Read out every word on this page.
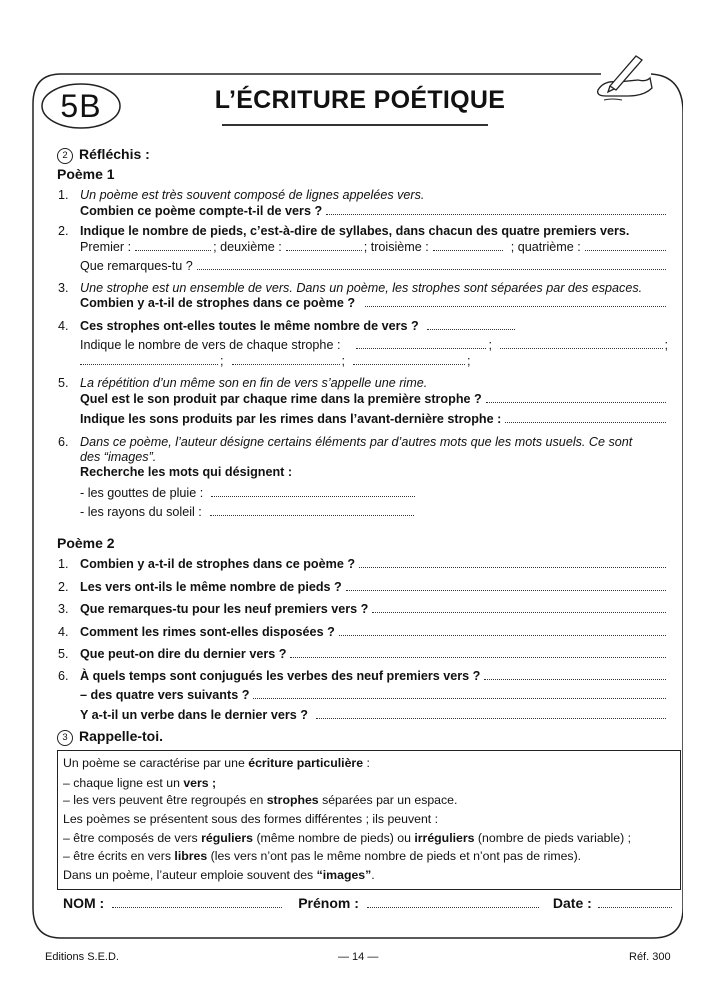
5B	L’ÉCRITURE POÉTIQUE
2 Réfléchis :
Poème 1
1. Un poème est très souvent composé de lignes appelées vers.
Combien ce poème compte-t-il de vers ?
2. Indique le nombre de pieds, c’est-à-dire de syllabes, dans chacun des quatre premiers vers.
Premier :	; deuxième :	; troisième :	; quatrième :
Que remarques-tu ?
3. Une strophe est un ensemble de vers. Dans un poème, les strophes sont séparées par des espaces.
Combien y a-t-il de strophes dans ce poème ?
4. Ces strophes ont-elles toutes le même nombre de vers ?
Indique le nombre de vers de chaque strophe :	;	;
;	;	;
5. La répétition d’un même son en fin de vers s’appelle une rime.
Quel est le son produit par chaque rime dans la première strophe ?
Indique les sons produits par les rimes dans l’avant-dernière strophe :
6. Dans ce poème, l’auteur désigne certains éléments par d’autres mots que les mots usuels. Ce sont
des “images”.
Recherche les mots qui désignent :
- les gouttes de pluie :
- les rayons du soleil :
Poème 2
1. Combien y a-t-il de strophes dans ce poème ?
2. Les vers ont-ils le même nombre de pieds ?
3. Que remarques-tu pour les neuf premiers vers ?
4. Comment les rimes sont-elles disposées ?
5. Que peut-on dire du dernier vers ?
6. À quels temps sont conjugués les verbes des neuf premiers vers ?
– des quatre vers suivants ?
Y a-t-il un verbe dans le dernier vers ?
3 Rappelle-toi.
Un poème se caractérise par une écriture particulière :
– chaque ligne est un vers ;
– les vers peuvent être regroupés en strophes séparées par un espace.
Les poèmes se présentent sous des formes différentes ; ils peuvent :
– être composés de vers réguliers (même nombre de pieds) ou irréguliers (nombre de pieds variable) ;
– être écrits en vers libres (les vers n’ont pas le même nombre de pieds et n’ont pas de rimes).
Dans un poème, l’auteur emploie souvent des “images”.
NOM :	Prénom :	Date :
Editions S.E.D.	— 14 —	Réf. 300
